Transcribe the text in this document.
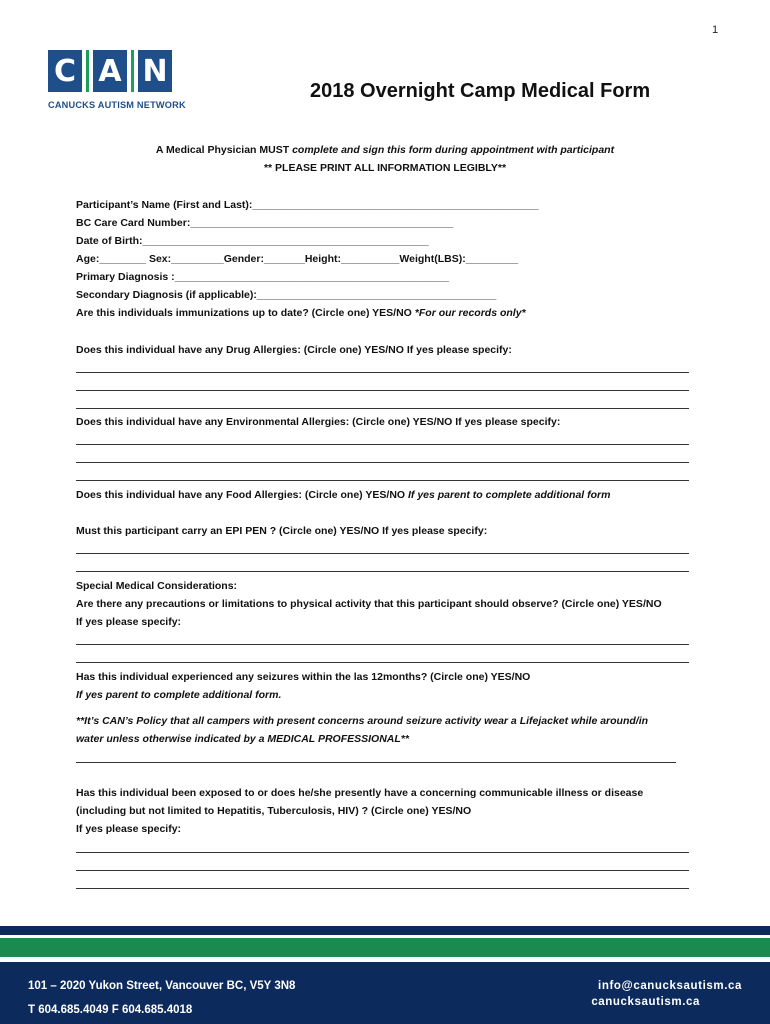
1
C A N
CANUCKS AUTISM NETWORK
2018 Overnight Camp Medical Form
A Medical Physician MUST complete and sign this form during appointment with participant
** PLEASE PRINT ALL INFORMATION LEGIBLY**
Participant’s Name (First and Last):_________________________________________________
BC Care Card Number:_____________________________________________
Date of Birth:_________________________________________________
Age:________ Sex:_________Gender:_______Height:__________Weight(LBS):_________
Primary Diagnosis :_______________________________________________
Secondary Diagnosis (if applicable):_________________________________________
Are this individuals immunizations up to date? (Circle one) YES/NO *For our records only*
Does this individual have any Drug Allergies: (Circle one) YES/NO If yes please specify:
Does this individual have any Environmental Allergies: (Circle one) YES/NO If yes please specify:
Does this individual have any Food Allergies: (Circle one) YES/NO If yes parent to complete additional form
Must this participant carry an EPI PEN ? (Circle one) YES/NO If yes please specify:
Special Medical Considerations:
Are there any precautions or limitations to physical activity that this participant should observe? (Circle one) YES/NO
If yes please specify:
Has this individual experienced any seizures within the las 12months? (Circle one) YES/NO
If yes parent to complete additional form.
**It’s CAN’s Policy that all campers with present concerns around seizure activity wear a Lifejacket while around/in
water unless otherwise indicated by a MEDICAL PROFESSIONAL**
Has this individual been exposed to or does he/she presently have a concerning communicable illness or disease
(including but not limited to Hepatitis, Tuberculosis, HIV) ? (Circle one) YES/NO
If yes please specify:
101 – 2020 Yukon Street, Vancouver BC, V5Y 3N8
T 604.685.4049 F 604.685.4018
info@canucksautism.ca
canucksautism.ca
